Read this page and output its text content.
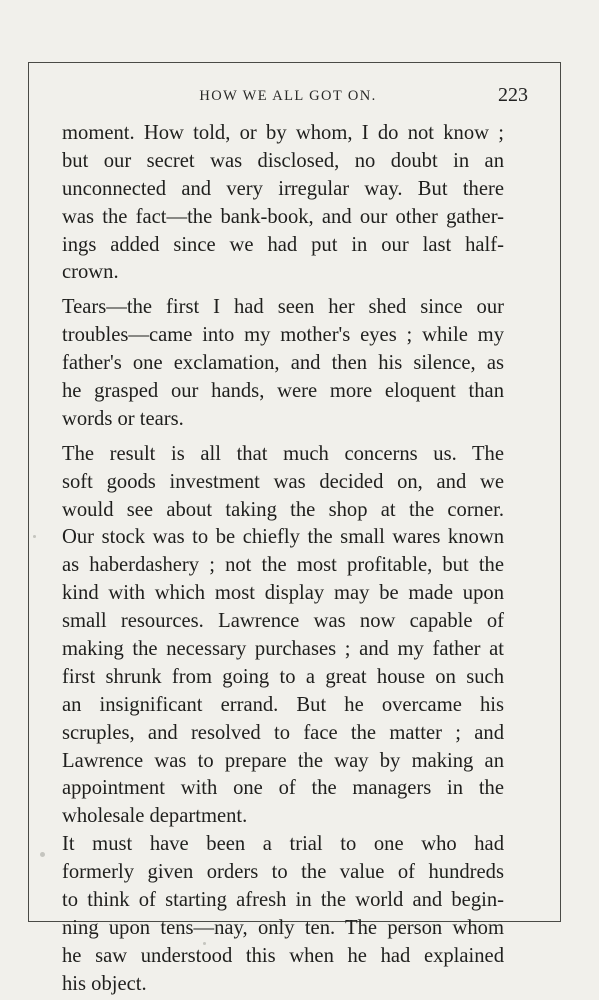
HOW WE ALL GOT ON.	223
moment. How told, or by whom, I do not know ;
but our secret was disclosed, no doubt in an
unconnected and very irregular way. But there
was the fact—the bank-book, and our other gather-
ings added since we had put in our last half-
crown.
Tears—the first I had seen her shed since our
troubles—came into my mother's eyes ; while my
father's one exclamation, and then his silence, as
he grasped our hands, were more eloquent than
words or tears.
The result is all that much concerns us. The
soft goods investment was decided on, and we
would see about taking the shop at the corner.
Our stock was to be chiefly the small wares known
as haberdashery ; not the most profitable, but the
kind with which most display may be made upon
small resources. Lawrence was now capable of
making the necessary purchases ; and my father at
first shrunk from going to a great house on such
an insignificant errand. But he overcame his
scruples, and resolved to face the matter ; and
Lawrence was to prepare the way by making an
appointment with one of the managers in the
wholesale department.
It must have been a trial to one who had
formerly given orders to the value of hundreds
to think of starting afresh in the world and begin-
ning upon tens—nay, only ten. The person whom
he saw understood this when he had explained
his object.
